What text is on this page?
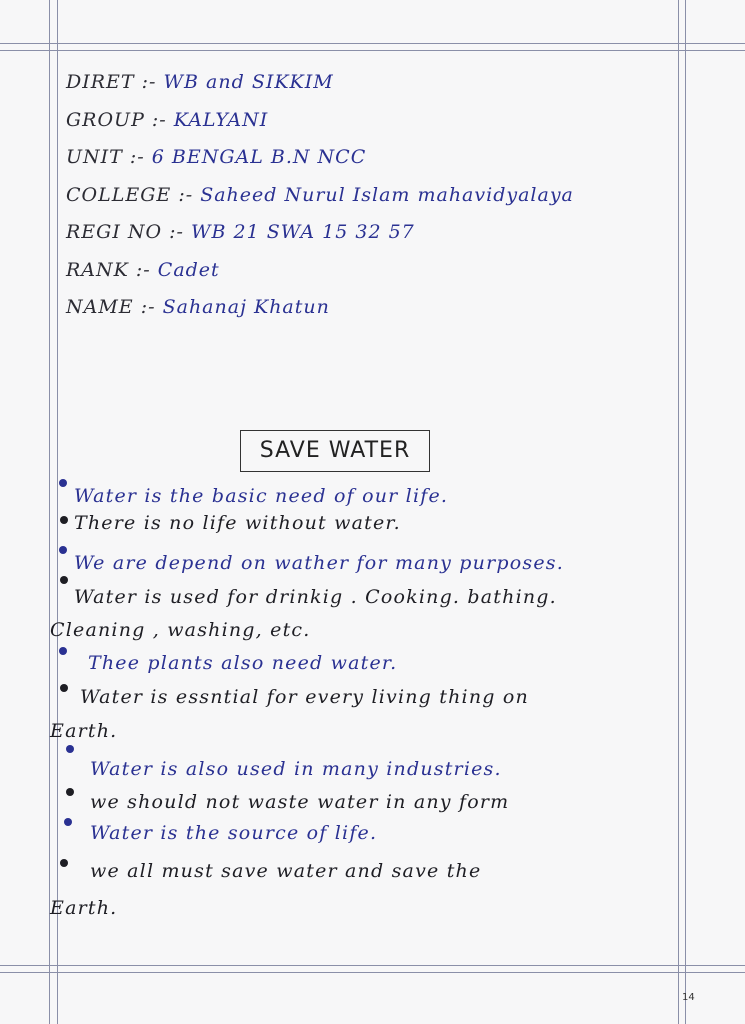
DIRET :- WB and SIKKIM
GROUP :- KALYANI
UNIT :- 6 BENGAL B.N NCC
COLLEGE :- Saheed Nurul Islam mahavidyalaya
REGI NO :- WB 21 SWA 15 32 57
RANK :- Cadet
NAME :- Sahanaj Khatun
SAVE WATER
Water is the basic need of our life.
There is no life without water.
We are depend on wather for many purposes.
Water is used for drinkig . Cooking. bathing.
Cleaning , washing, etc.
Thee plants also need water.
Water is essntial for every living thing on
Earth.
Water is also used in many industries.
we should not waste water in any form
Water is the source of life.
we all must save water and save the
Earth.
14
